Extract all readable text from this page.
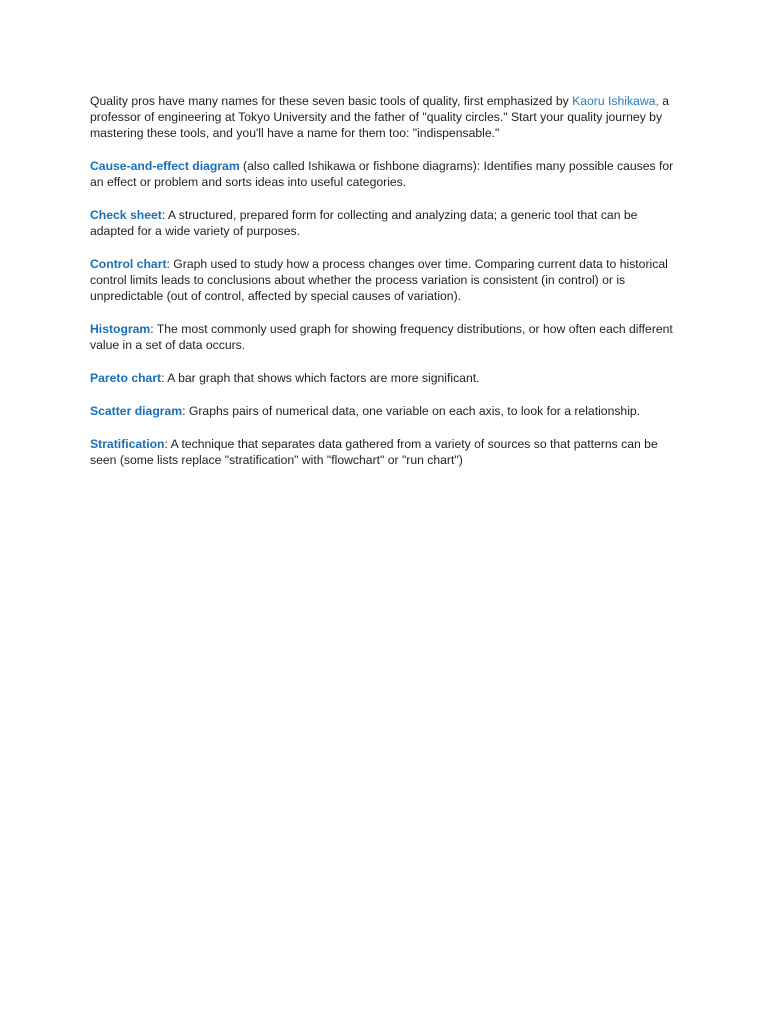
Quality pros have many names for these seven basic tools of quality, first emphasized by Kaoru Ishikawa, a professor of engineering at Tokyo University and the father of "quality circles." Start your quality journey by mastering these tools, and you'll have a name for them too: "indispensable."

Cause-and-effect diagram (also called Ishikawa or fishbone diagrams): Identifies many possible causes for an effect or problem and sorts ideas into useful categories.

Check sheet: A structured, prepared form for collecting and analyzing data; a generic tool that can be adapted for a wide variety of purposes.

Control chart: Graph used to study how a process changes over time. Comparing current data to historical control limits leads to conclusions about whether the process variation is consistent (in control) or is unpredictable (out of control, affected by special causes of variation).

Histogram: The most commonly used graph for showing frequency distributions, or how often each different value in a set of data occurs.

Pareto chart: A bar graph that shows which factors are more significant.

Scatter diagram: Graphs pairs of numerical data, one variable on each axis, to look for a relationship.

Stratification: A technique that separates data gathered from a variety of sources so that patterns can be seen (some lists replace "stratification" with "flowchart" or "run chart")
